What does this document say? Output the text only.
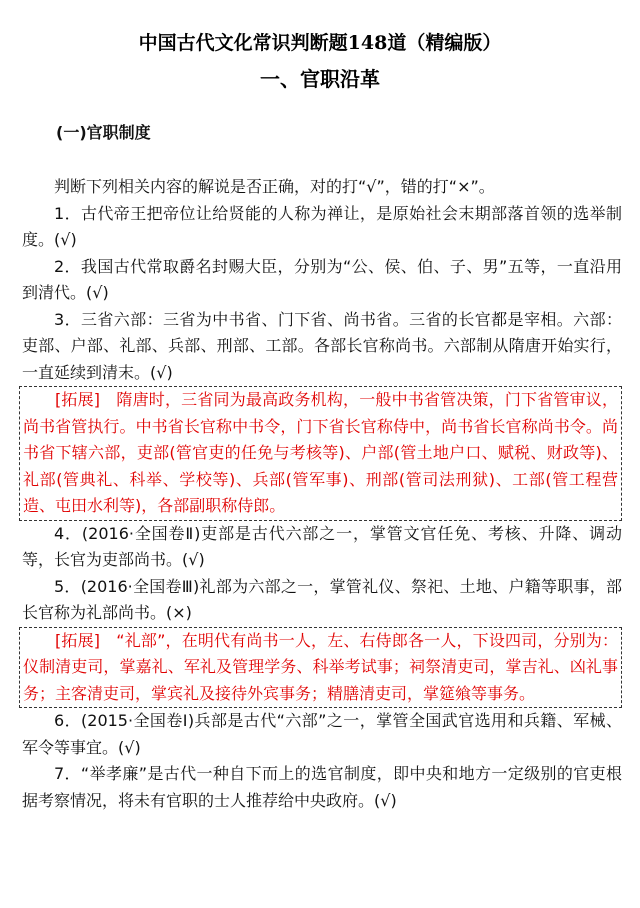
中国古代文化常识判断题148道（精编版）
一、官职沿革
(一)官职制度

判断下列相关内容的解说是否正确，对的打“√”，错的打“×”。

1．古代帝王把帝位让给贤能的人称为禅让，是原始社会末期部落首领的选举制度。(√)

2．我国古代常取爵名封赐大臣，分别为“公、侯、伯、子、男”五等，一直沿用到清代。(√)

3．三省六部：三省为中书省、门下省、尚书省。三省的长官都是宰相。六部：吏部、户部、礼部、兵部、刑部、工部。各部长官称尚书。六部制从隋唐开始实行，一直延续到清末。(√)

[拓展]　隋唐时，三省同为最高政务机构，一般中书省管决策，门下省管审议，尚书省管执行。中书省长官称中书令，门下省长官称侍中，尚书省长官称尚书令。尚书省下辖六部，吏部(管官吏的任免与考核等)、户部(管土地户口、赋税、财政等)、礼部(管典礼、科举、学校等)、兵部(管军事)、刑部(管司法刑狱)、工部(管工程营造、屯田水利等)，各部副职称侍郎。

4．(2016·全国卷Ⅱ)吏部是古代六部之一，掌管文官任免、考核、升降、调动等，长官为吏部尚书。(√)

5．(2016·全国卷Ⅲ)礼部为六部之一，掌管礼仪、祭祀、土地、户籍等职事，部长官称为礼部尚书。(×)

[拓展]　“礼部”，在明代有尚书一人，左、右侍郎各一人，下设四司，分别为：仪制清吏司，掌嘉礼、军礼及管理学务、科举考试事；祠祭清吏司，掌吉礼、凶礼事务；主客清吏司，掌宾礼及接待外宾事务；精膳清吏司，掌筵飨等事务。

6．(2015·全国卷Ⅰ)兵部是古代“六部”之一，掌管全国武官选用和兵籍、军械、军令等事宜。(√)

7．“举孝廉”是古代一种自下而上的选官制度，即中央和地方一定级别的官吏根据考察情况，将未有官职的士人推荐给中央政府。(√)
